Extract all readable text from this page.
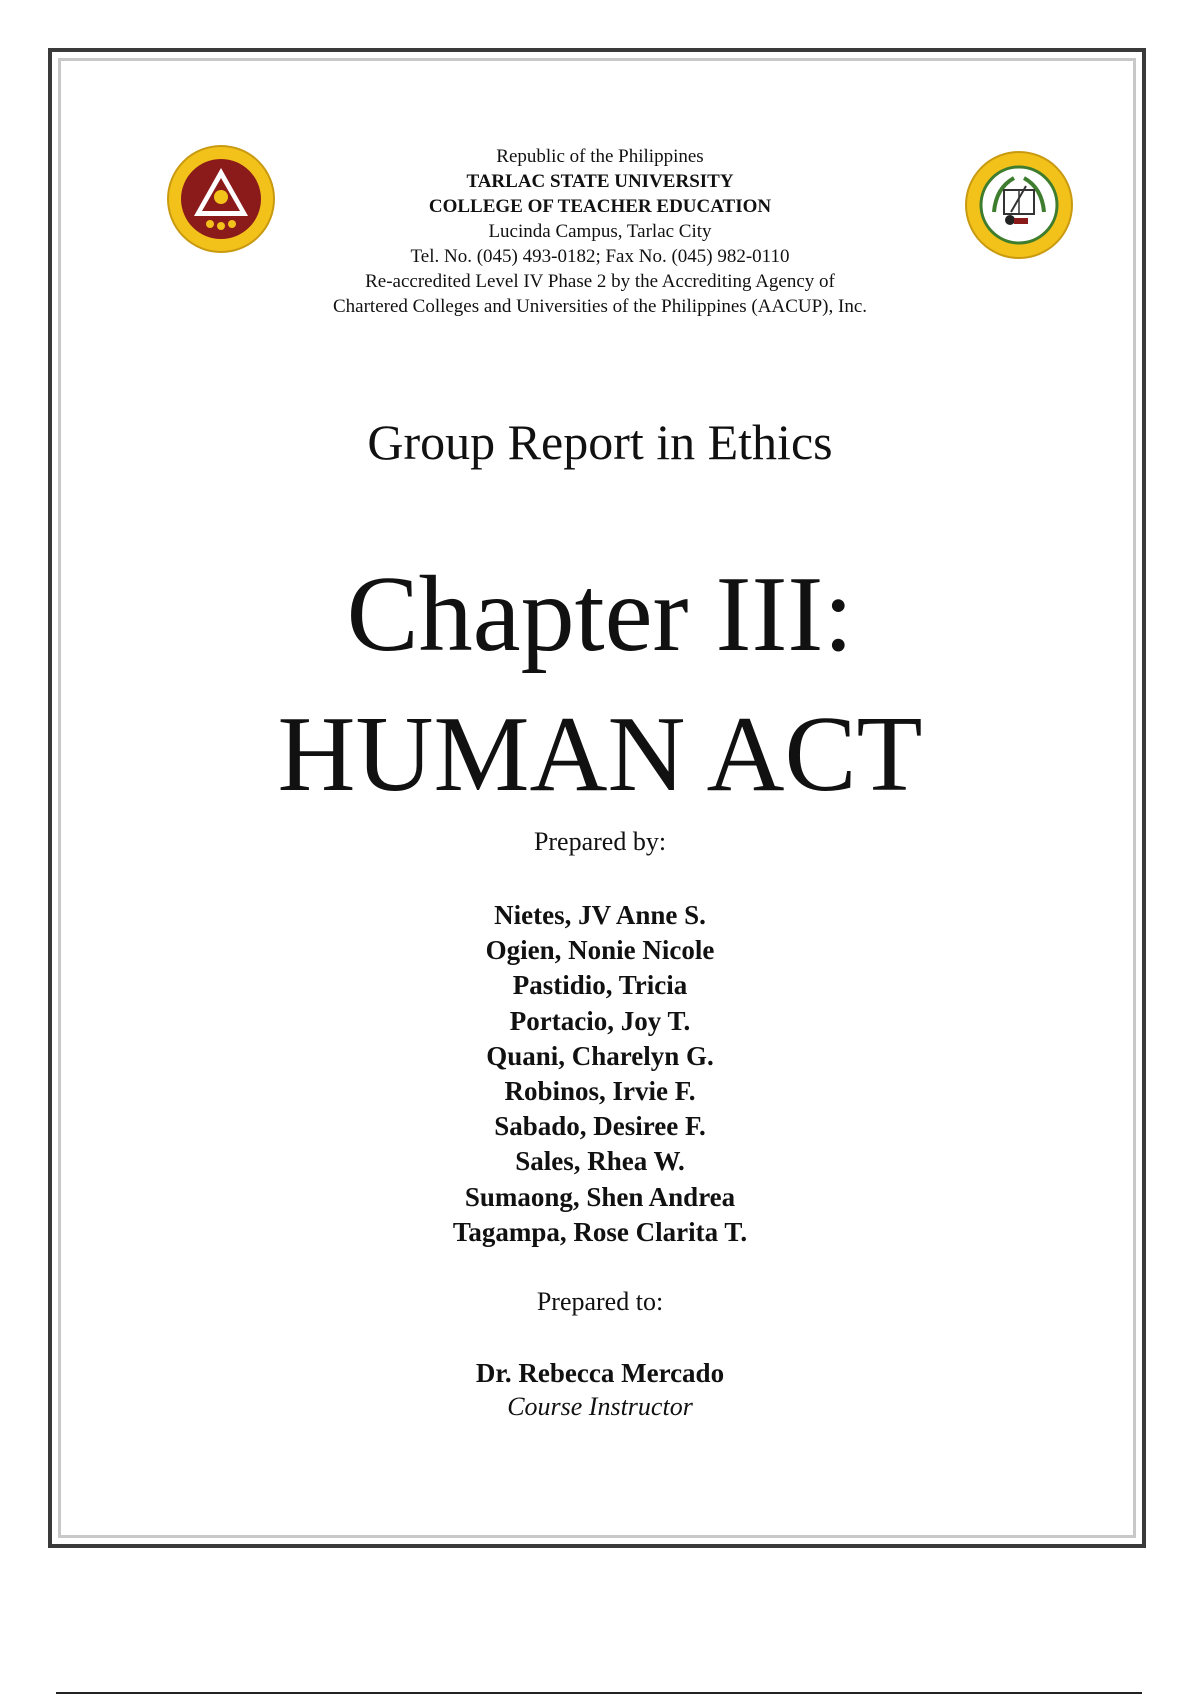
Republic of the Philippines
TARLAC STATE UNIVERSITY
COLLEGE OF TEACHER EDUCATION
Lucinda Campus, Tarlac City
Tel. No. (045) 493-0182; Fax No. (045) 982-0110
Re-accredited Level IV Phase 2 by the Accrediting Agency of
Chartered Colleges and Universities of the Philippines (AACUP), Inc.
Group Report in Ethics
Chapter III:
HUMAN ACT
Prepared by:
Nietes, JV Anne S.
Ogien, Nonie Nicole
Pastidio, Tricia
Portacio, Joy T.
Quani, Charelyn G.
Robinos, Irvie F.
Sabado, Desiree F.
Sales, Rhea W.
Sumaong, Shen Andrea
Tagampa, Rose Clarita T.
Prepared to:
Dr. Rebecca Mercado
Course Instructor
